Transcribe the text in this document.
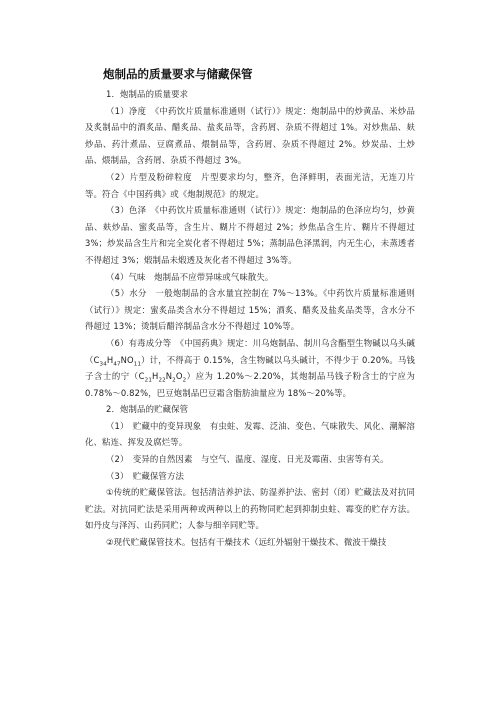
炮制品的质量要求与储藏保管

1．炮制品的质量要求

（1）净度　《中药饮片质量标准通则（试行）》规定：炮制品中的炒黄品、米炒品及炙制品中的酒炙品、醋炙品、盐炙品等，含药屑、杂质不得超过 1%。对炒焦品、麸炒品、药汁煮品、豆腐煮品、煨制品等，含药屑、杂质不得超过 2%。炒炭品、土炒品、煨制品，含药屑、杂质不得超过 3%。

（2）片型及粉碎粒度　片型要求均匀，整齐，色泽鲜明，表面光洁，无连刀片等。符合《中国药典》或《炮制规范》的规定。

（3）色泽　《中药饮片质量标准通则（试行）》规定：炮制品的色泽应均匀，炒黄品、麸炒品、蜜炙品等，含生片、糊片不得超过 2%；炒焦品含生片、糊片不得超过 3%；炒炭品含生片和完全炭化者不得超过 5%；蒸制品色泽黑润，内无生心，未蒸透者不得超过 3%；煅制品未煅透及灰化者不得超过 3%等。

（4）气味　炮制品不应带异味或气味散失。

（5）水分　一般炮制品的含水量宜控制在 7%～13%。《中药饮片质量标准通则（试行）》规定：蜜炙品类含水分不得超过 15%；酒炙、醋炙及盐炙品类等，含水分不得超过 13%；烫制后醋淬制品含水分不得超过 10%等。

（6）有毒成分等　《中国药典》规定：川乌炮制品、制川乌含酯型生物碱以乌头碱$(C_{34}H_{47}NO_{11})$计，不得高于 0.15%，含生物碱以乌头碱计，不得少于 0.20%。马钱子含士的宁$(C_{21}H_{22}N_2O_2)$应为 1.20%～2.20%，其炮制品马钱子粉含士的宁应为 0.78%～0.82%，巴豆炮制品巴豆霜含脂肪油量应为 18%～20%等。

2．炮制品的贮藏保管

（1）　贮藏中的变异现象　有虫蛀、发霉、泛油、变色、气味散失、风化、潮解溶化、粘连、挥发及腐烂等。

（2）　变异的自然因素　与空气、温度、湿度、日光及霉菌、虫害等有关。

（3）　贮藏保管方法

①传统的贮藏保管法。包括清洁养护法、防湿养护法、密封（闭）贮藏法及对抗同贮法。对抗同贮法是采用两种或两种以上的药物同贮起到抑制虫蛀、霉变的贮存方法。如丹皮与泽泻、山药同贮；人参与细辛同贮等。

②现代贮藏保管技术。包括有干燥技术（远红外辐射干燥技术、微波干燥技
